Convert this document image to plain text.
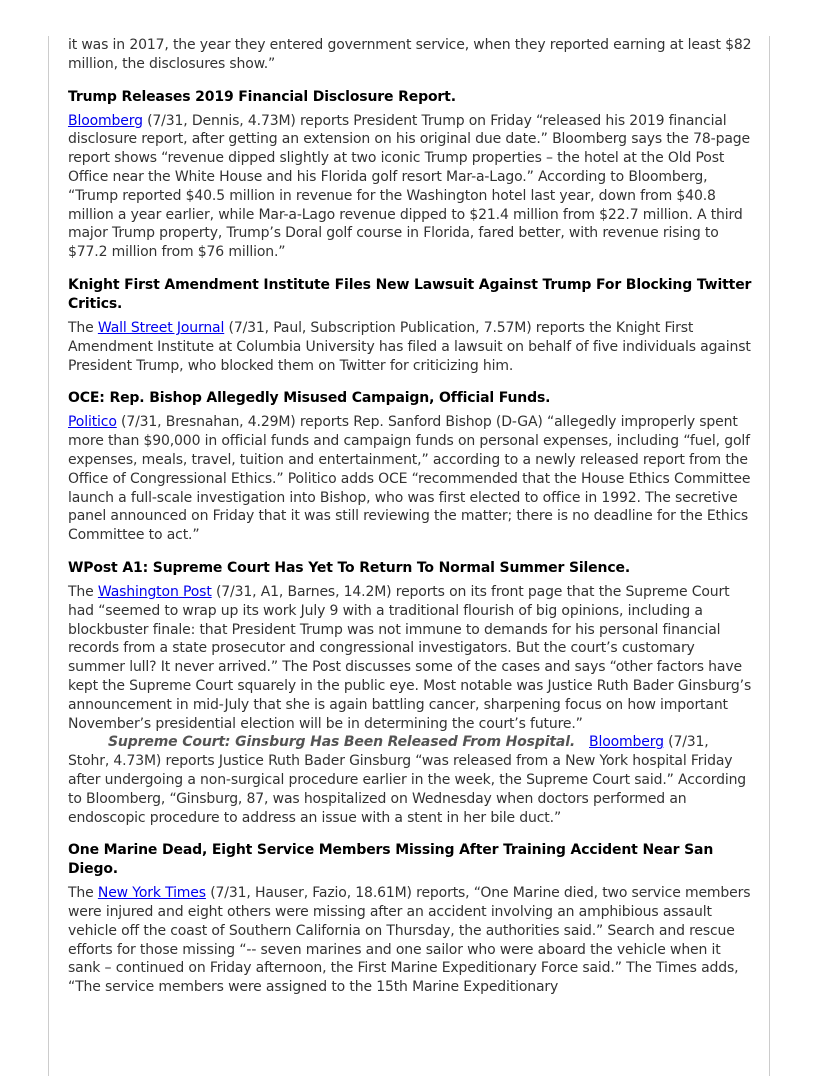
it was in 2017, the year they entered government service, when they reported earning at least $82 million, the disclosures show.”

Trump Releases 2019 Financial Disclosure Report.

Bloomberg (7/31, Dennis, 4.73M) reports President Trump on Friday “released his 2019 financial disclosure report, after getting an extension on his original due date.” Bloomberg says the 78-page report shows “revenue dipped slightly at two iconic Trump properties – the hotel at the Old Post Office near the White House and his Florida golf resort Mar-a-Lago.” According to Bloomberg, “Trump reported $40.5 million in revenue for the Washington hotel last year, down from $40.8 million a year earlier, while Mar-a-Lago revenue dipped to $21.4 million from $22.7 million. A third major Trump property, Trump’s Doral golf course in Florida, fared better, with revenue rising to $77.2 million from $76 million.”

Knight First Amendment Institute Files New Lawsuit Against Trump For Blocking Twitter Critics.

The Wall Street Journal (7/31, Paul, Subscription Publication, 7.57M) reports the Knight First Amendment Institute at Columbia University has filed a lawsuit on behalf of five individuals against President Trump, who blocked them on Twitter for criticizing him.

OCE: Rep. Bishop Allegedly Misused Campaign, Official Funds.

Politico (7/31, Bresnahan, 4.29M) reports Rep. Sanford Bishop (D-GA) “allegedly improperly spent more than $90,000 in official funds and campaign funds on personal expenses, including “fuel, golf expenses, meals, travel, tuition and entertainment,” according to a newly released report from the Office of Congressional Ethics.” Politico adds OCE “recommended that the House Ethics Committee launch a full-scale investigation into Bishop, who was first elected to office in 1992. The secretive panel announced on Friday that it was still reviewing the matter; there is no deadline for the Ethics Committee to act.”

WPost A1: Supreme Court Has Yet To Return To Normal Summer Silence.

The Washington Post (7/31, A1, Barnes, 14.2M) reports on its front page that the Supreme Court had “seemed to wrap up its work July 9 with a traditional flourish of big opinions, including a blockbuster finale: that President Trump was not immune to demands for his personal financial records from a state prosecutor and congressional investigators. But the court’s customary summer lull? It never arrived.” The Post discusses some of the cases and says “other factors have kept the Supreme Court squarely in the public eye. Most notable was Justice Ruth Bader Ginsburg’s announcement in mid-July that she is again battling cancer, sharpening focus on how important November’s presidential election will be in determining the court’s future.”

Supreme Court: Ginsburg Has Been Released From Hospital. Bloomberg (7/31, Stohr, 4.73M) reports Justice Ruth Bader Ginsburg “was released from a New York hospital Friday after undergoing a non-surgical procedure earlier in the week, the Supreme Court said.” According to Bloomberg, “Ginsburg, 87, was hospitalized on Wednesday when doctors performed an endoscopic procedure to address an issue with a stent in her bile duct.”

One Marine Dead, Eight Service Members Missing After Training Accident Near San Diego.

The New York Times (7/31, Hauser, Fazio, 18.61M) reports, “One Marine died, two service members were injured and eight others were missing after an accident involving an amphibious assault vehicle off the coast of Southern California on Thursday, the authorities said.” Search and rescue efforts for those missing “-- seven marines and one sailor who were aboard the vehicle when it sank – continued on Friday afternoon, the First Marine Expeditionary Force said.” The Times adds, “The service members were assigned to the 15th Marine Expeditionary
